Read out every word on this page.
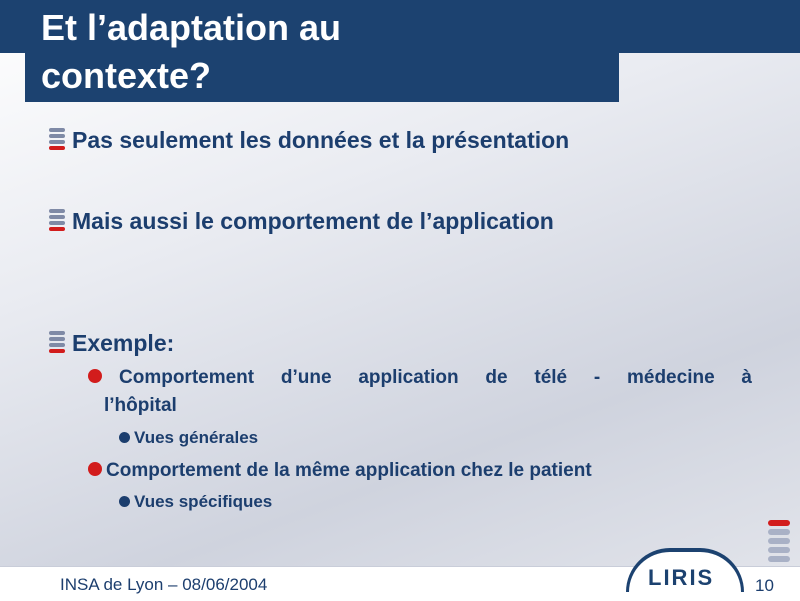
Et l’adaptation au
contexte?
Pas seulement les données et la présentation
Mais aussi le comportement de l’application
Exemple:
Comportement d’une application de télé - médecine à
l’hôpital
Vues générales
Comportement de la même application chez le patient
Vues spécifiques
INSA de Lyon – 08/06/2004	LIRIS 10
